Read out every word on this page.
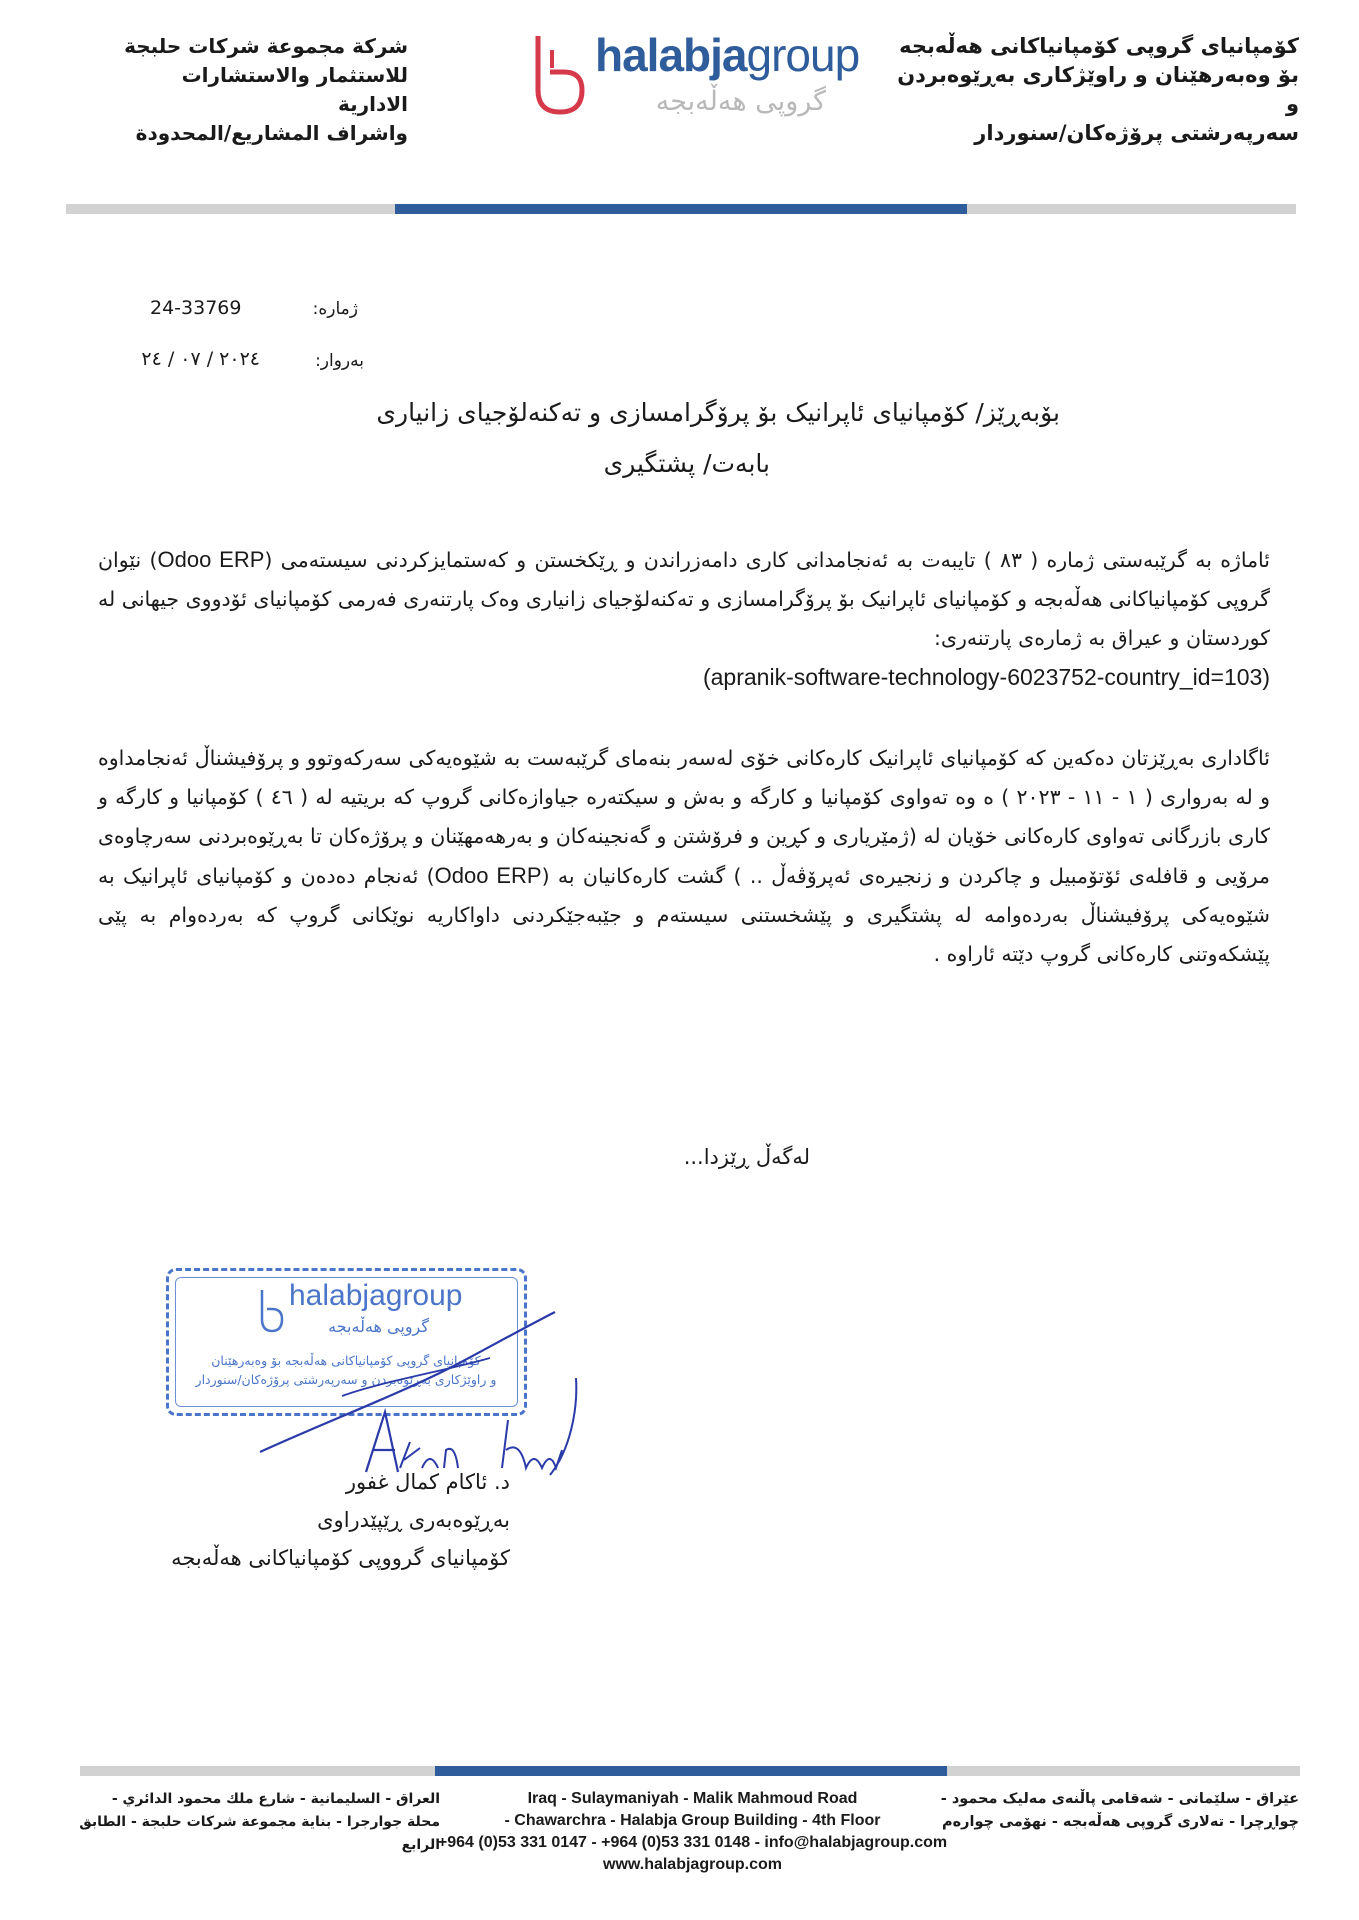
کۆمپانیای گروپی کۆمپانیاکانی هەڵەبجە
بۆ وەبەرهێنان و راوێژکاری بەڕێوەبردن و
سەرپەرشتی پرۆژەکان/سنوردار
شركة مجموعة شركات حلبجة
للاستثمار والاستشارات الادارية
واشراف المشاريع/المحدودة
halabjagroup
گروپی هەڵەبجە
ژمارە:
24-33769
بەروار:
٢٠٢٤ / ٠٧ / ٢٤
بۆبەڕێز/ کۆمپانیای ئاپرانیک بۆ پرۆگرامسازی و تەکنەلۆجیای زانیاری
بابەت/ پشتگیری
ئاماژە بە گرێبەستی ژمارە ( ٨٣ ) تایبەت بە ئەنجامدانی کاری دامەزراندن و ڕێکخستن و کەستمایزکردنی سیستەمی (Odoo ERP) نێوان گروپی کۆمپانیاکانی هەڵەبجە و کۆمپانیای ئاپرانیک بۆ پرۆگرامسازی و تەکنەلۆجیای زانیاری وەک پارتنەری فەرمی کۆمپانیای ئۆدووی جیهانی لە کوردستان و عیراق بە ژمارەی پارتنەری:
(apranik-software-technology-6023752-country_id=103)
ئاگاداری بەڕێزتان دەکەین کە کۆمپانیای ئاپرانیک کارەکانی خۆی لەسەر بنەمای گرێبەست بە شێوەیەکی سەرکەوتوو و پرۆفیشناڵ ئەنجامداوە و لە بەرواری ( ١ - ١١ - ٢٠٢٣ ) ە وە تەواوی کۆمپانیا و کارگە و بەش و سیکتەرە جیاوازەکانی گروپ کە بریتیە لە ( ٤٦ ) کۆمپانیا و کارگە و کاری بازرگانی تەواوی کارەکانی خۆیان لە (ژمێریاری و کڕین و فرۆشتن و گەنجینەکان و بەرهەمهێنان و پرۆژەکان تا بەڕێوەبردنی سەرچاوەی مرۆیی و قافلەی ئۆتۆمبیل و چاکردن و زنجیرەی ئەپرۆڤەڵ .. ) گشت کارەکانیان بە (Odoo ERP) ئەنجام دەدەن و کۆمپانیای ئاپرانیک بە شێوەیەکی پرۆفیشناڵ بەردەوامە لە پشتگیری و پێشخستنی سیستەم و جێبەجێکردنی داواکاریە نوێکانی گروپ کە بەردەوام بە پێی پێشکەوتنی کارەکانی گروپ دێتە ئاراوە .
لەگەڵ ڕێزدا...
halabjagroup
گروپی هەڵەبجە
کۆمپانیای گروپی کۆمپانیاکانی هەڵەبجە بۆ وەبەرهێنان
و راوێژکاری بەڕێوەبردن و سەرپەرشتی پرۆژەکان/سنوردار
د. ئاکام کمال غفور
بەڕێوەبەری ڕێپێدراوی
کۆمپانیای گرووپی کۆمپانیاکانی هەڵەبجە
عێراق - سلێمانی - شەقامی پاڵنەی مەلیک محمود -
چواڕچرا - تەلاری گروپی هەڵەبجە - نهۆمی چوارەم
Iraq - Sulaymaniyah - Malik Mahmoud Road
- Chawarchra - Halabja Group Building - 4th Floor
+964 (0)53 331 0147 - +964 (0)53 331 0148 - info@halabjagroup.com
www.halabjagroup.com
العراق - السليمانية - شارع ملك محمود الدائري -
محلة جوارجرا - بناية مجموعة شركات حلبجة - الطابق الرابع
